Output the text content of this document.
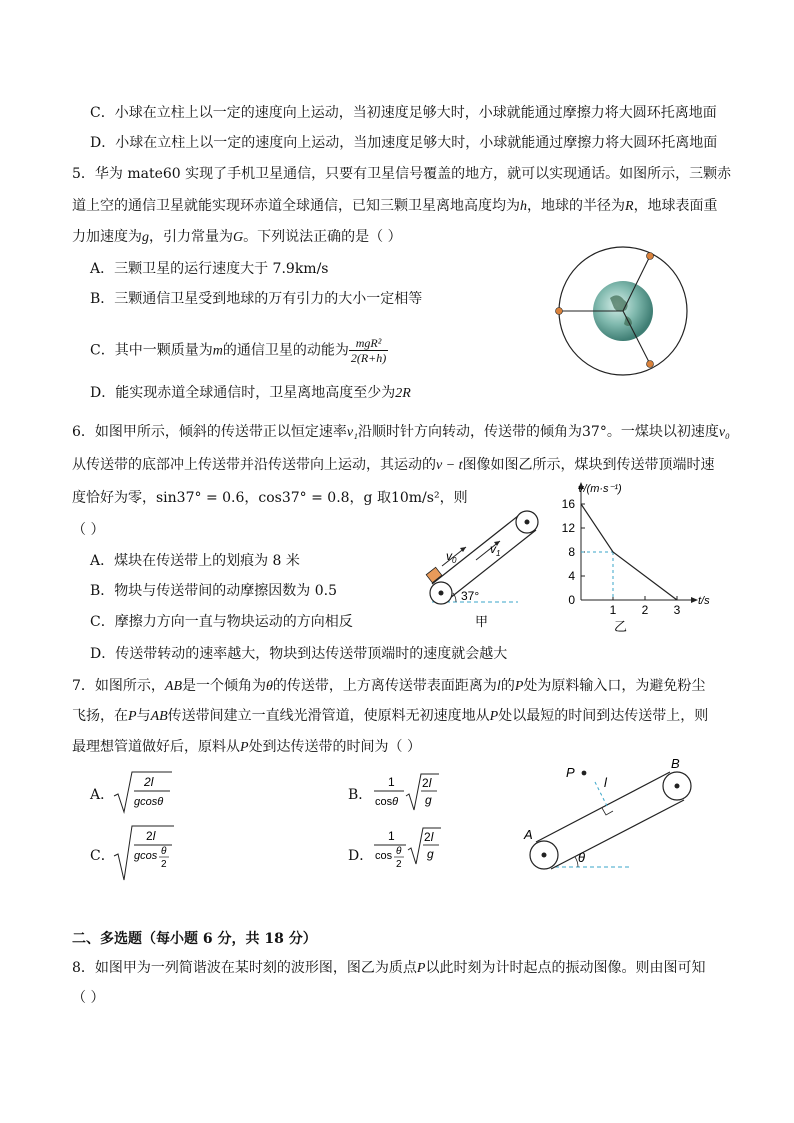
C．小球在立柱上以一定的速度向上运动，当初速度足够大时，小球就能通过摩擦力将大圆环托离地面
D．小球在立柱上以一定的速度向上运动，当加速度足够大时，小球就能通过摩擦力将大圆环托离地面
5．华为 mate60 实现了手机卫星通信，只要有卫星信号覆盖的地方，就可以实现通话。如图所示，三颗赤
道上空的通信卫星就能实现环赤道全球通信，已知三颗卫星离地高度均为h，地球的半径为R，地球表面重
力加速度为g，引力常量为G。下列说法正确的是（ ）
A．三颗卫星的运行速度大于 7.9km/s
B．三颗通信卫星受到地球的万有引力的大小一定相等
C．其中一颗质量为m的通信卫星的动能为 $\frac{\text{mgR²}}{2(R+h)}$
D．能实现赤道全球通信时，卫星离地高度至少为2R
6．如图甲所示，倾斜的传送带正以恒定速率v₁沿顺时针方向转动，传送带的倾角为37°。一煤块以初速度v₀
从传送带的底部冲上传送带并沿传送带向上运动，其运动的v − t图像如图乙所示，煤块到传送带顶端时速
度恰好为零，sin37° = 0.6，cos37° = 0.8，g 取10m/s²，则
（ ）
A．煤块在传送带上的划痕为 8 米
B．物块与传送带间的动摩擦因数为 0.5
C．摩擦力方向一直与物块运动的方向相反
D．传送带转动的速率越大，物块到达传送带顶端时的速度就会越大
$v_0$
$v_1$
37°
甲
v/(m·s⁻¹)
t/s
0
4
8
12
16
1 2 3
乙
7．如图所示，AB是一个倾角为θ的传送带，上方离传送带表面距离为l的P处为原料输入口，为避免粉尘
飞扬，在P与AB传送带间建立一直线光滑管道，使原料无初速度地从P处以最短的时间到达传送带上，则
最理想管道做好后，原料从P处到达传送带的时间为（ ）
A．
2l
gcosθ	B．
1
cosθ
2l
g
C．
2l
gcos θ
2
D．
1
cos θ
2
2l
g
P
l
A
B
θ
二、多选题（每小题 6 分，共 18 分）
8．如图甲为一列简谐波在某时刻的波形图，图乙为质点P以此时刻为计时起点的振动图像。则由图可知
（ ）
